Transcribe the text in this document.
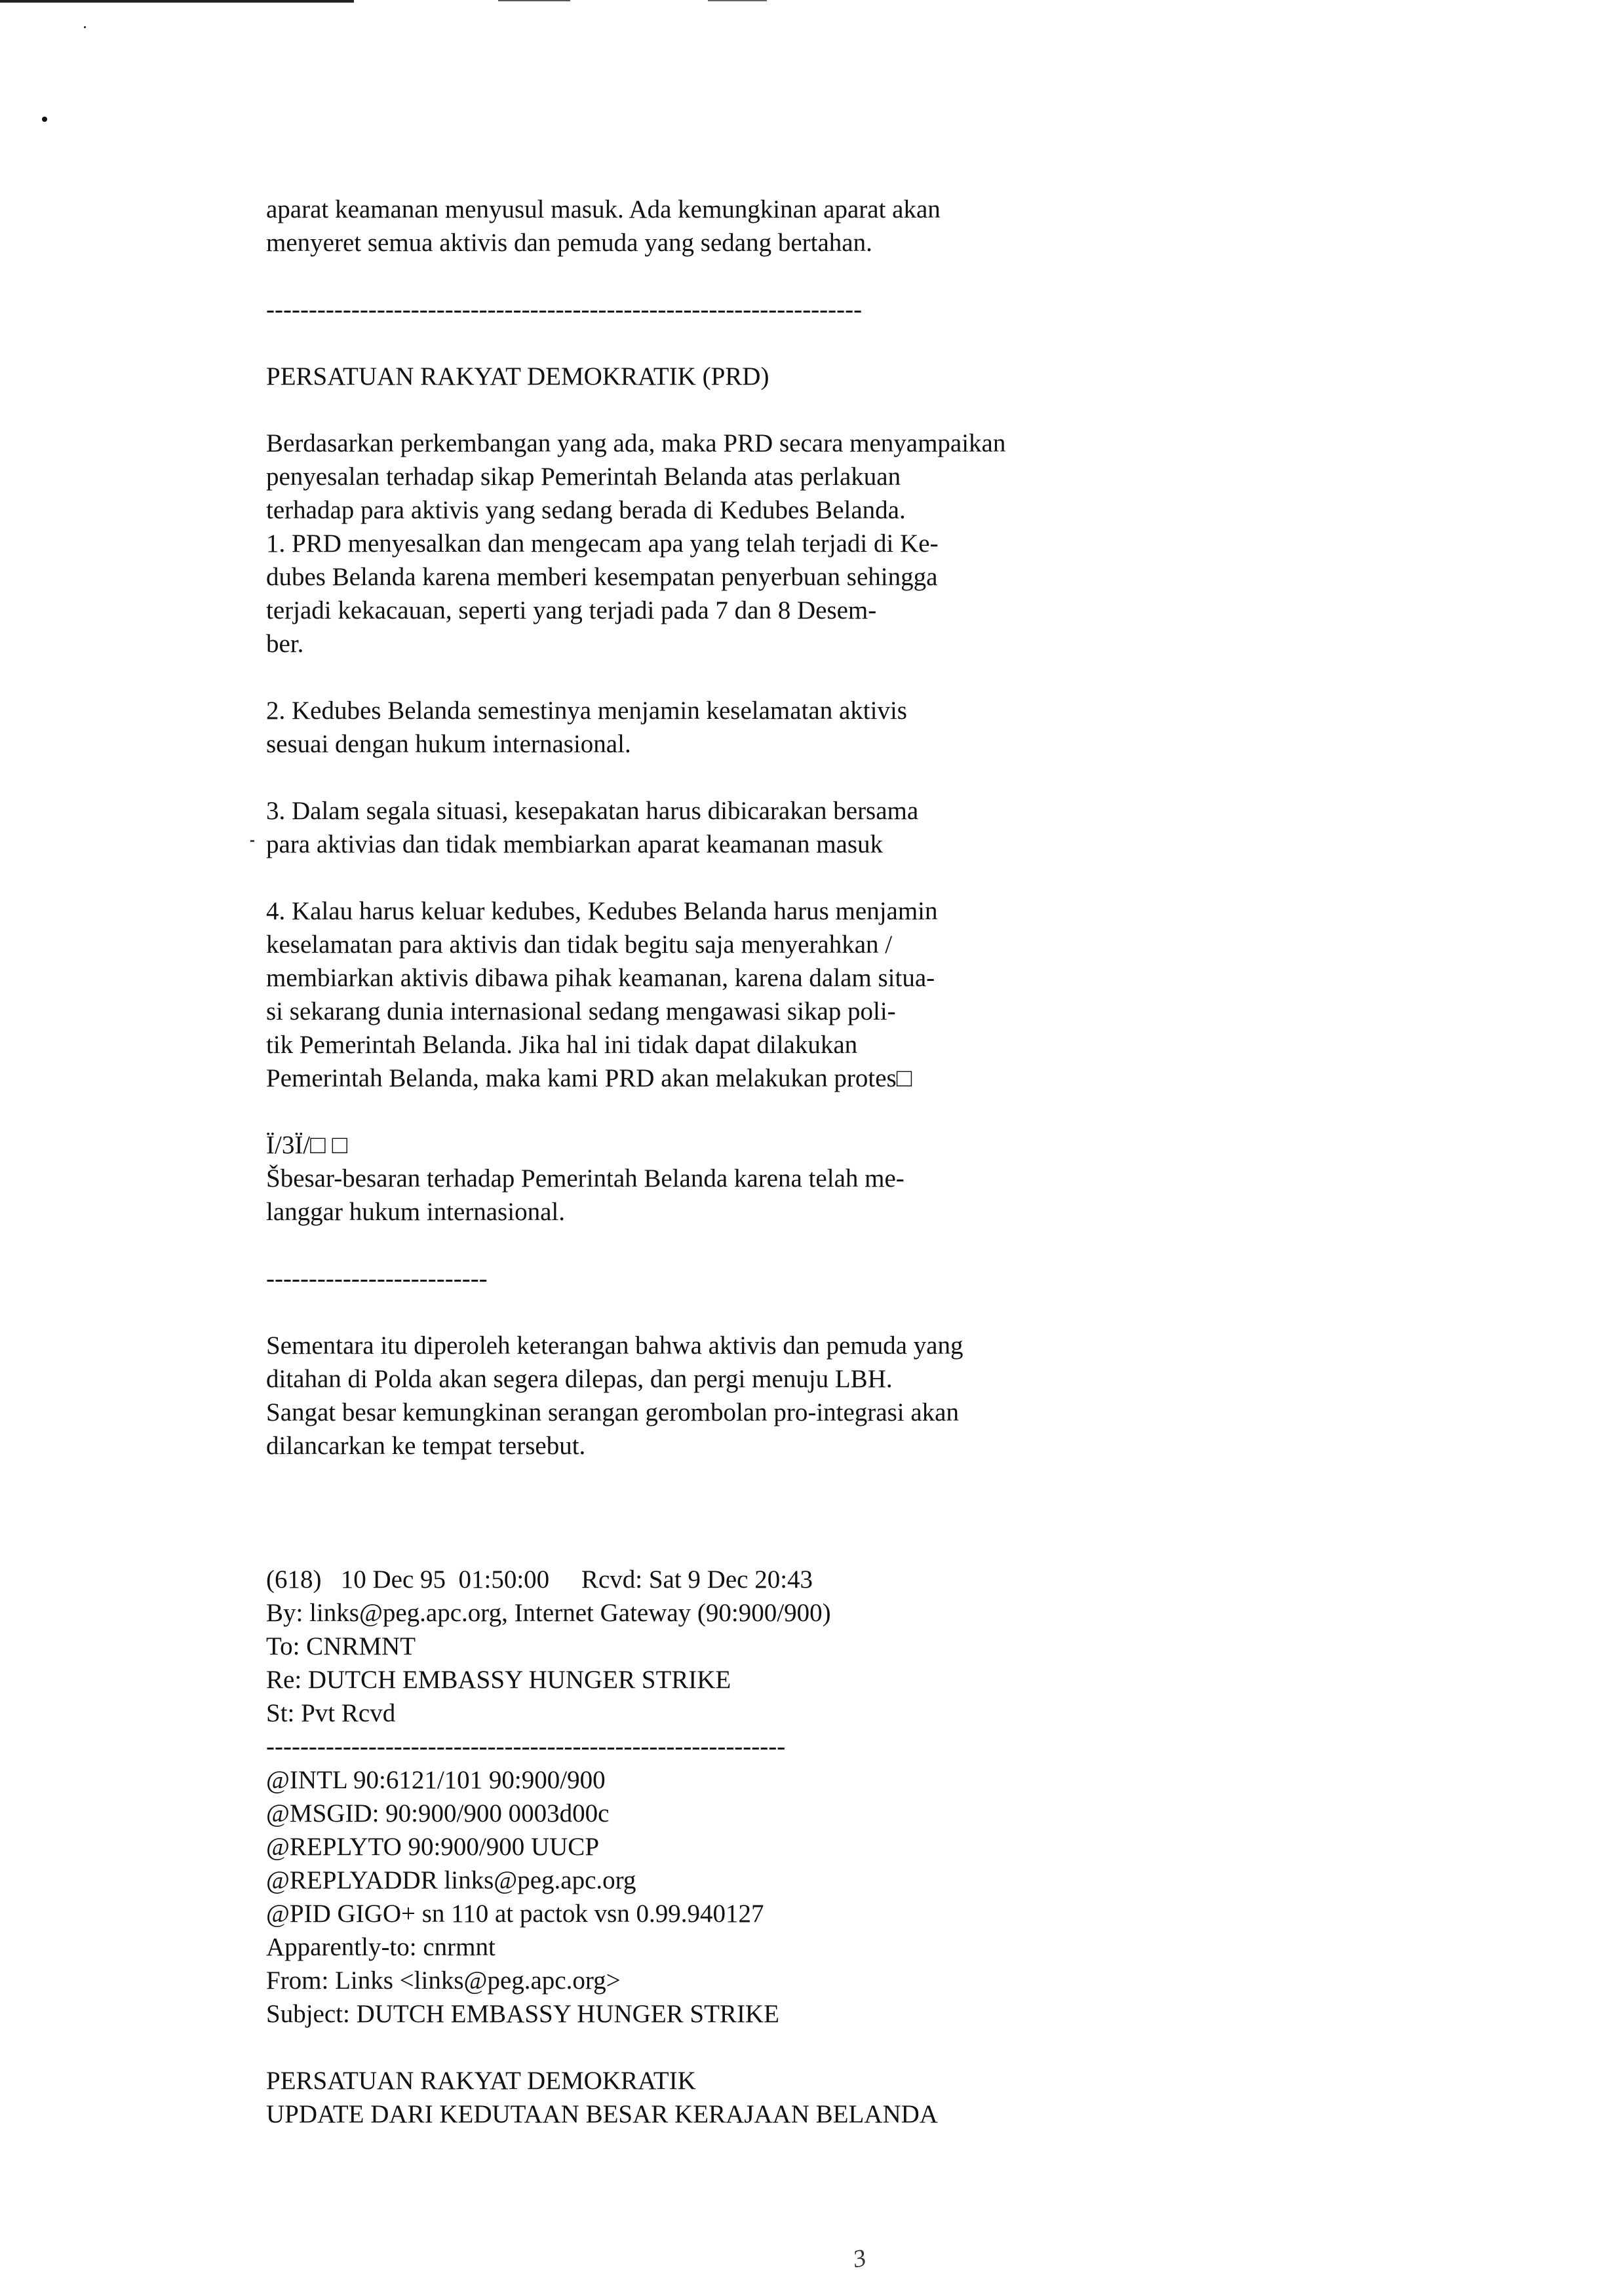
aparat keamanan menyusul masuk. Ada kemungkinan aparat akan

menyeret semua aktivis dan pemuda yang sedang bertahan.

----------------------------------------------------------------------

PERSATUAN RAKYAT DEMOKRATIK (PRD)

Berdasarkan perkembangan yang ada, maka PRD secara menyampaikan

penyesalan terhadap sikap Pemerintah Belanda atas perlakuan

terhadap para aktivis yang sedang berada di Kedubes Belanda.

1. PRD menyesalkan dan mengecam apa yang telah terjadi di Ke-

dubes Belanda karena memberi kesempatan penyerbuan sehingga

terjadi kekacauan, seperti yang terjadi pada 7 dan 8 Desem-

ber.

2. Kedubes Belanda semestinya menjamin keselamatan aktivis

sesuai dengan hukum internasional.

3. Dalam segala situasi, kesepakatan harus dibicarakan bersama

para aktivias dan tidak membiarkan aparat keamanan masuk

4. Kalau harus keluar kedubes, Kedubes Belanda harus menjamin

keselamatan para aktivis dan tidak begitu saja menyerahkan /

membiarkan aktivis dibawa pihak keamanan, karena dalam situa-

si sekarang dunia internasional sedang mengawasi sikap poli-

tik Pemerintah Belanda. Jika hal ini tidak dapat dilakukan

Pemerintah Belanda, maka kami PRD akan melakukan protes□

Ï/3Ï/□ □

Šbesar-besaran terhadap Pemerintah Belanda karena telah me-

langgar hukum internasional.

--------------------------

Sementara itu diperoleh keterangan bahwa aktivis dan pemuda yang

ditahan di Polda akan segera dilepas, dan pergi menuju LBH.

Sangat besar kemungkinan serangan gerombolan pro-integrasi akan

dilancarkan ke tempat tersebut.

(618)   10 Dec 95  01:50:00     Rcvd: Sat 9 Dec 20:43

By: links@peg.apc.org, Internet Gateway (90:900/900)

To: CNRMNT

Re: DUTCH EMBASSY HUNGER STRIKE

St: Pvt Rcvd

-------------------------------------------------------------

@INTL 90:6121/101 90:900/900

@MSGID: 90:900/900 0003d00c

@REPLYTO 90:900/900 UUCP

@REPLYADDR links@peg.apc.org

@PID GIGO+ sn 110 at pactok vsn 0.99.940127

Apparently-to: cnrmnt

From: Links <links@peg.apc.org>

Subject: DUTCH EMBASSY HUNGER STRIKE

PERSATUAN RAKYAT DEMOKRATIK

UPDATE DARI KEDUTAAN BESAR KERAJAAN BELANDA

3
